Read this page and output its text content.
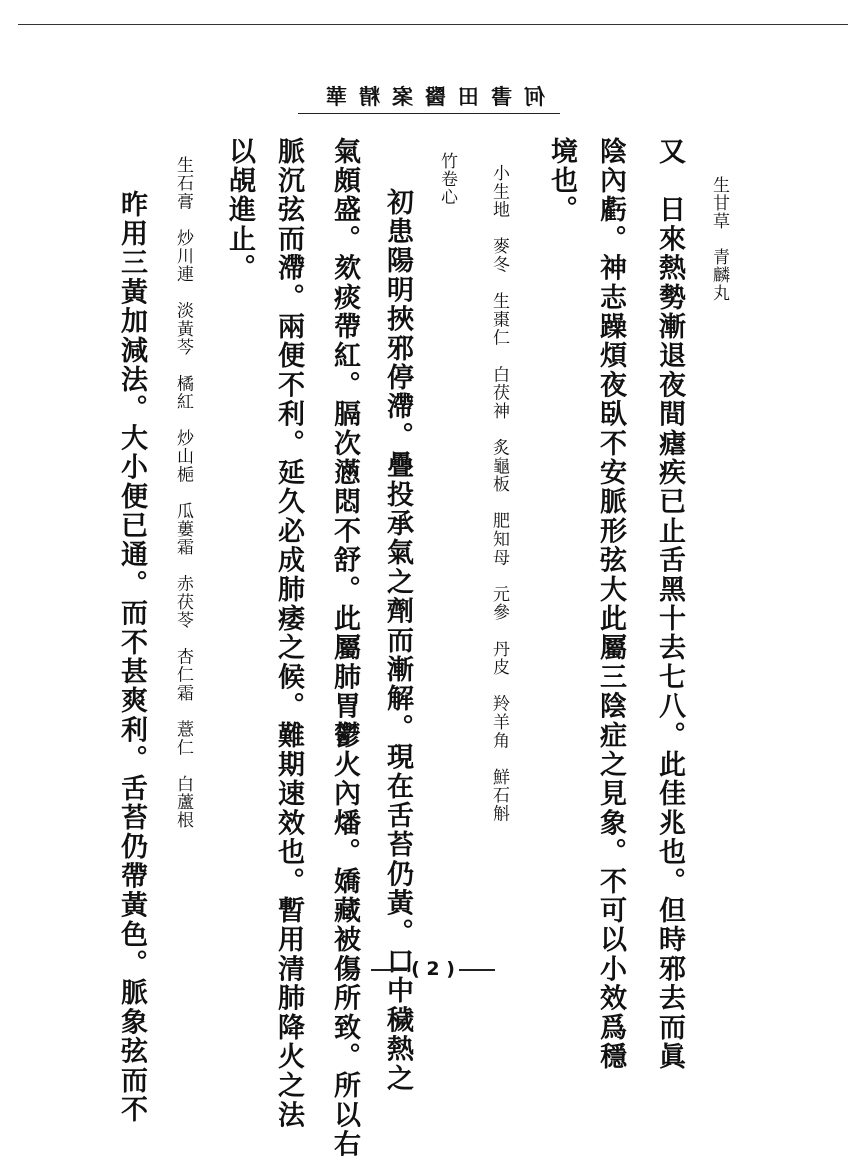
何書田醫案精華
生甘草　青麟丸
又　日來熱勢漸退夜間瘧疾已止舌黑十去七八。此佳兆也。但時邪去而眞
陰內虧。神志躁煩夜臥不安脈形弦大此屬三陰症之見象。不可以小效爲穩
境也。
小生地　麥冬　生棗仁　白茯神　炙龜板　肥知母　元參　丹皮　羚羊角　鮮石斛
竹卷心
初患陽明挾邪停滯。疊投承氣之劑而漸解。現在舌苔仍黃。口中穢熱之
氣頗盛。欬痰帶紅。膈次懣悶不舒。此屬肺胃鬱火內燔。嬌藏被傷所致。所以右
脈沉弦而滯。兩便不利。延久必成肺痿之候。難期速效也。暫用清肺降火之法
以覘進止。
生石膏　炒川連　淡黃芩　橘紅　炒山梔　瓜蔞霜　赤茯苓　杏仁霜　薏仁　白蘆根
昨用三黃加減法。大小便已通。而不甚爽利。舌苔仍帶黃色。脈象弦而不	( 2 )
